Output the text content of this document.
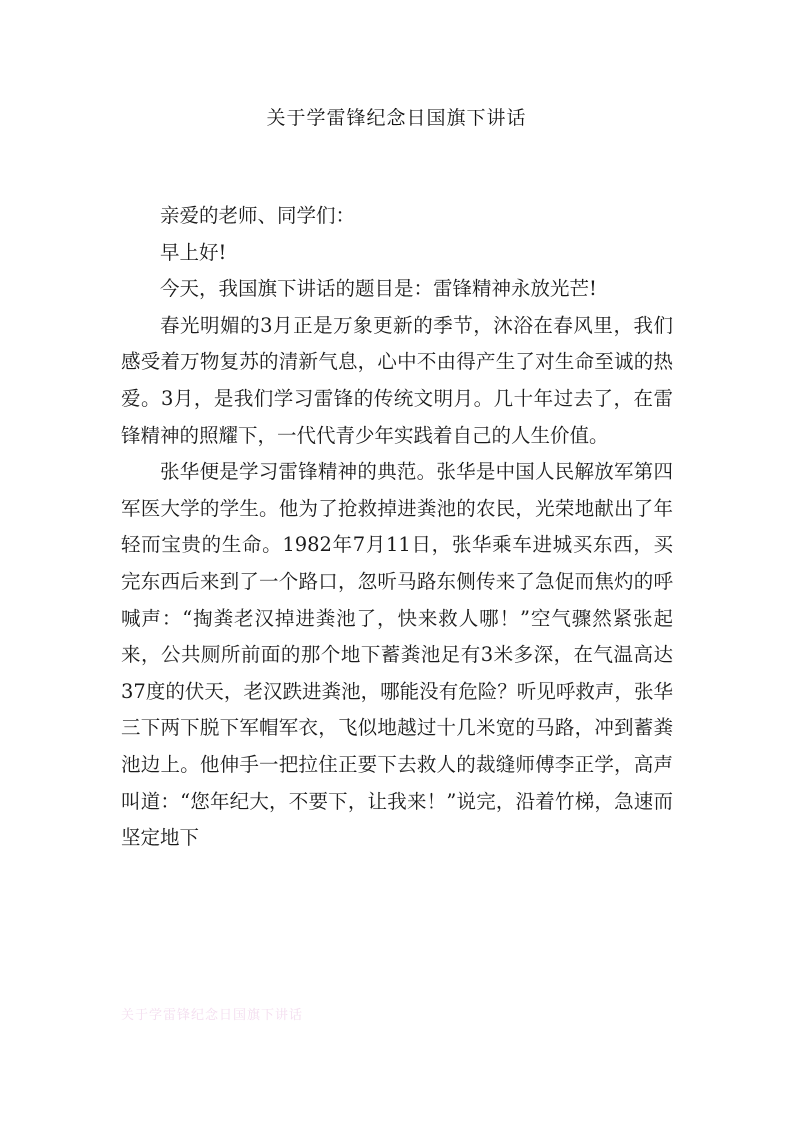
关于学雷锋纪念日国旗下讲话

亲爱的老师、同学们：

早上好!

今天，我国旗下讲话的题目是：雷锋精神永放光芒!

春光明媚的3月正是万象更新的季节，沐浴在春风里，我们感受着万物复苏的清新气息，心中不由得产生了对生命至诚的热爱。3月，是我们学习雷锋的传统文明月。几十年过去了，在雷锋精神的照耀下，一代代青少年实践着自己的人生价值。

张华便是学习雷锋精神的典范。张华是中国人民解放军第四军医大学的学生。他为了抢救掉进粪池的农民，光荣地献出了年轻而宝贵的生命。1982年7月11日，张华乘车进城买东西，买完东西后来到了一个路口，忽听马路东侧传来了急促而焦灼的呼喊声：“掏粪老汉掉进粪池了，快来救人哪！”空气骤然紧张起来，公共厕所前面的那个地下蓄粪池足有3米多深，在气温高达37度的伏天，老汉跌进粪池，哪能没有危险？听见呼救声，张华三下两下脱下军帽军衣，飞似地越过十几米宽的马路，冲到蓄粪池边上。他伸手一把拉住正要下去救人的裁缝师傅李正学，高声叫道：“您年纪大，不要下，让我来！”说完，沿着竹梯，急速而坚定地下

关于学雷锋纪念日国旗下讲话
